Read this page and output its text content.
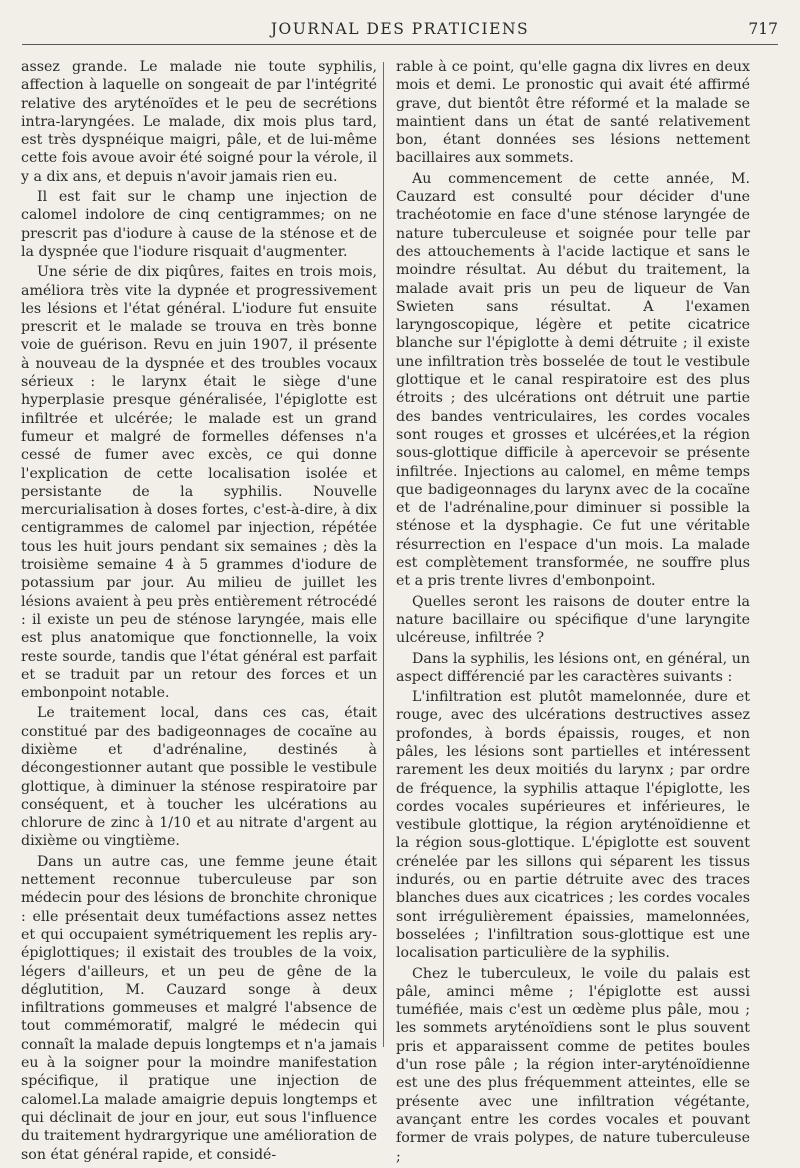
JOURNAL DES PRATICIENS	717

assez grande. Le malade nie toute syphilis, affection à laquelle on songeait de par l'intégrité relative des aryténoïdes et le peu de secrétions intra-laryngées. Le malade, dix mois plus tard, est très dyspnéique maigri, pâle, et de lui-même cette fois avoue avoir été soigné pour la vérole, il y a dix ans, et depuis n'avoir jamais rien eu.

Il est fait sur le champ une injection de calomel indolore de cinq centigrammes; on ne prescrit pas d'iodure à cause de la sténose et de la dyspnée que l'iodure risquait d'augmenter.

Une série de dix piqûres, faites en trois mois, améliora très vite la dypnée et progressivement les lésions et l'état général. L'iodure fut ensuite prescrit et le malade se trouva en très bonne voie de guérison. Revu en juin 1907, il présente à nouveau de la dyspnée et des troubles vocaux sérieux : le larynx était le siège d'une hyperplasie presque généralisée, l'épiglotte est infiltrée et ulcérée; le malade est un grand fumeur et malgré de formelles défenses n'a cessé de fumer avec excès, ce qui donne l'explication de cette localisation isolée et persistante de la syphilis. Nouvelle mercurialisation à doses fortes, c'est-à-dire, à dix centigrammes de calomel par injection, répétée tous les huit jours pendant six semaines ; dès la troisième semaine 4 à 5 grammes d'iodure de potassium par jour. Au milieu de juillet les lésions avaient à peu près entièrement rétrocédé : il existe un peu de sténose laryngée, mais elle est plus anatomique que fonctionnelle, la voix reste sourde, tandis que l'état général est parfait et se traduit par un retour des forces et un embonpoint notable.

Le traitement local, dans ces cas, était constitué par des badigeonnages de cocaïne au dixième et d'adrénaline, destinés à décongestionner autant que possible le vestibule glottique, à diminuer la sténose respiratoire par conséquent, et à toucher les ulcérations au chlorure de zinc à 1/10 et au nitrate d'argent au dixième ou vingtième.

Dans un autre cas, une femme jeune était nettement reconnue tuberculeuse par son médecin pour des lésions de bronchite chronique : elle présentait deux tuméfactions assez nettes et qui occupaient symétriquement les replis ary-épiglottiques; il existait des troubles de la voix, légers d'ailleurs, et un peu de gêne de la déglutition, M. Cauzard songe à deux infiltrations gommeuses et malgré l'absence de tout commémoratif, malgré le médecin qui connaît la malade depuis longtemps et n'a jamais eu à la soigner pour la moindre manifestation spécifique, il pratique une injection de calomel.La malade amaigrie depuis longtemps et qui déclinait de jour en jour, eut sous l'influence du traitement hydrargyrique une amélioration de son état général rapide, et considé-

rable à ce point, qu'elle gagna dix livres en deux mois et demi. Le pronostic qui avait été affirmé grave, dut bientôt être réformé et la malade se maintient dans un état de santé relativement bon, étant données ses lésions nettement bacillaires aux sommets.

Au commencement de cette année, M. Cauzard est consulté pour décider d'une trachéotomie en face d'une sténose laryngée de nature tuberculeuse et soignée pour telle par des attouchements à l'acide lactique et sans le moindre résultat. Au début du traitement, la malade avait pris un peu de liqueur de Van Swieten sans résultat. A l'examen laryngoscopique, légère et petite cicatrice blanche sur l'épiglotte à demi détruite ; il existe une infiltration très bosselée de tout le vestibule glottique et le canal respiratoire est des plus étroits ; des ulcérations ont détruit une partie des bandes ventriculaires, les cordes vocales sont rouges et grosses et ulcérées,et la région sous-glottique difficile à apercevoir se présente infiltrée. Injections au calomel, en même temps que badigeonnages du larynx avec de la cocaïne et de l'adrénaline,pour diminuer si possible la sténose et la dysphagie. Ce fut une véritable résurrection en l'espace d'un mois. La malade est complètement transformée, ne souffre plus et a pris trente livres d'embonpoint.

Quelles seront les raisons de douter entre la nature bacillaire ou spécifique d'une laryngite ulcéreuse, infiltrée ?

Dans la syphilis, les lésions ont, en général, un aspect différencié par les caractères suivants :

L'infiltration est plutôt mamelonnée, dure et rouge, avec des ulcérations destructives assez profondes, à bords épaissis, rouges, et non pâles, les lésions sont partielles et intéressent rarement les deux moitiés du larynx ; par ordre de fréquence, la syphilis attaque l'épiglotte, les cordes vocales supérieures et inférieures, le vestibule glottique, la région aryténoïdienne et la région sous-glottique. L'épiglotte est souvent crénelée par les sillons qui séparent les tissus indurés, ou en partie détruite avec des traces blanches dues aux cicatrices ; les cordes vocales sont irrégulièrement épaissies, mamelonnées, bosselées ; l'infiltration sous-glottique est une localisation particulière de la syphilis.

Chez le tuberculeux, le voile du palais est pâle, aminci même ; l'épiglotte est aussi tuméfiée, mais c'est un œdème plus pâle, mou ; les sommets aryténoïdiens sont le plus souvent pris et apparaissent comme de petites boules d'un rose pâle ; la région inter-aryténoïdienne est une des plus fréquemment atteintes, elle se présente avec une infiltration végétante, avançant entre les cordes vocales et pouvant former de vrais polypes, de nature tuberculeuse ;
